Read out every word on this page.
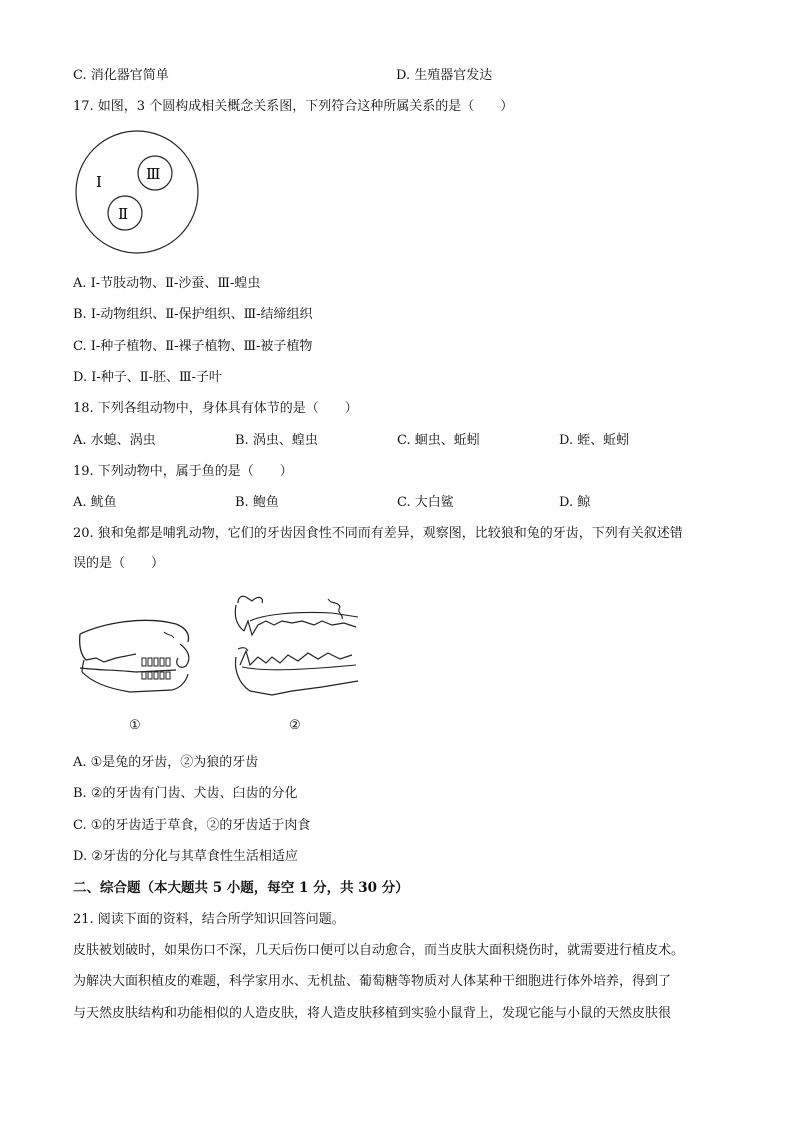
C. 消化器官简单	D. 生殖器官发达
17. 如图，3 个圆构成相关概念关系图，下列符合这种所属关系的是（　　）
Ⅰ	Ⅲ
Ⅱ
A. Ⅰ-节肢动物、Ⅱ-沙蚕、Ⅲ-蝗虫
B. Ⅰ-动物组织、Ⅱ-保护组织、Ⅲ-结缔组织
C. Ⅰ-种子植物、Ⅱ-裸子植物、Ⅲ-被子植物
D. Ⅰ-种子、Ⅱ-胚、Ⅲ-子叶
18. 下列各组动物中，身体具有体节的是（　　）
A. 水螅、涡虫	B. 涡虫、蝗虫	C. 蛔虫、蚯蚓	D. 蛭、蚯蚓
19. 下列动物中，属于鱼的是（　　）
A. 鱿鱼	B. 鲍鱼	C. 大白鲨	D. 鲸
20. 狼和兔都是哺乳动物，它们的牙齿因食性不同而有差异，观察图，比较狼和兔的牙齿，下列有关叙述错
误的是（　　）
①	②
A. ①是兔的牙齿，②为狼的牙齿
B. ②的牙齿有门齿、犬齿、臼齿的分化
C. ①的牙齿适于草食，②的牙齿适于肉食
D. ②牙齿的分化与其草食性生活相适应
二、综合题（本大题共 5 小题，每空 1 分，共 30 分）
21. 阅读下面的资料，结合所学知识回答问题。
皮肤被划破时，如果伤口不深，几天后伤口便可以自动愈合，而当皮肤大面积烧伤时，就需要进行植皮术。
为解决大面积植皮的难题，科学家用水、无机盐、葡萄糖等物质对人体某种干细胞进行体外培养，得到了
与天然皮肤结构和功能相似的人造皮肤，将人造皮肤移植到实验小鼠背上，发现它能与小鼠的天然皮肤很
